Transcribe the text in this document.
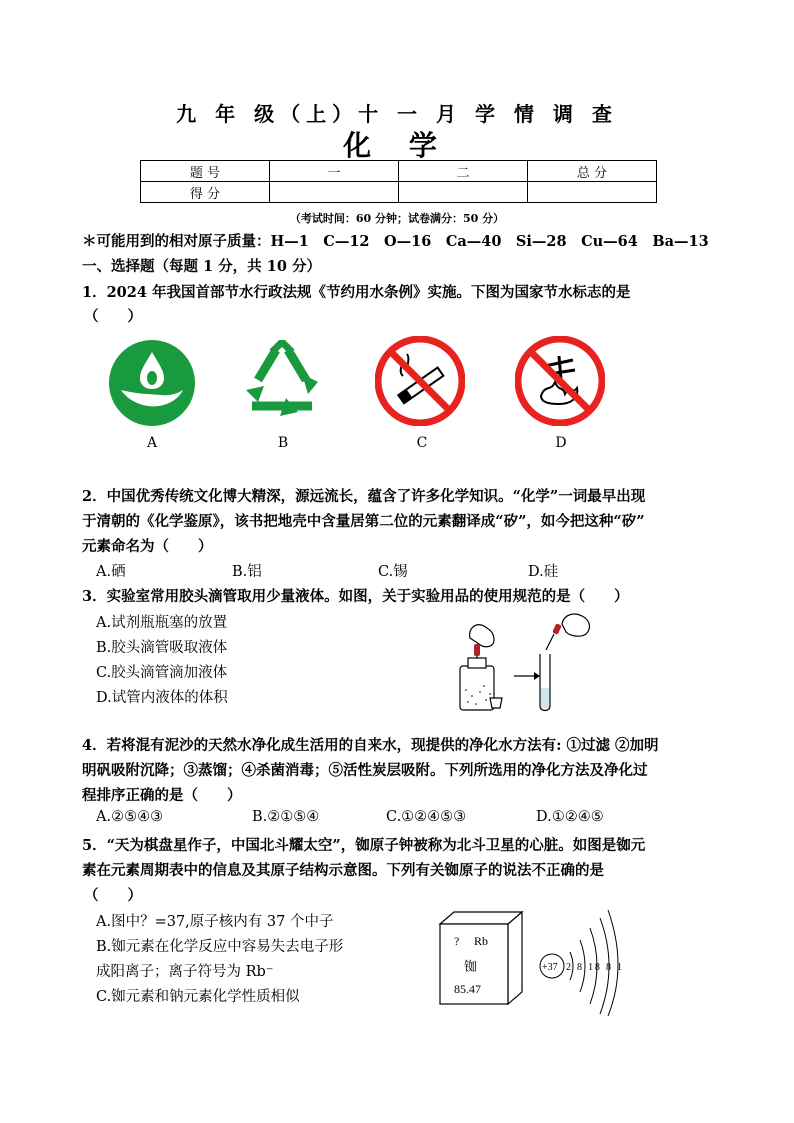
九 年 级（上）十 一 月 学 情 调 查
化 学
题 号	一	二	总 分
得 分			
（考试时间：60 分钟；试卷满分：50 分）
＊可能用到的相对原子质量：H—1　C—12　O—16　Ca—40　Si—28　Cu—64　Ba—13
一、选择题（每题 1 分，共 10 分）
1．2024 年我国首部节水行政法规《节约用水条例》实施。下图为国家节水标志的是
（　　）
A	B	C	D
2．中国优秀传统文化博大精深，源远流长，蕴含了许多化学知识。“化学”一词最早出现
于清朝的《化学鉴原》，该书把地壳中含量居第二位的元素翻译成“矽”，如今把这种“矽”
元素命名为（　　）
A.硒	B.铝	C.锡	D.硅
3．实验室常用胶头滴管取用少量液体。如图，关于实验用品的使用规范的是（　　）
A.试剂瓶瓶塞的放置
B.胶头滴管吸取液体
C.胶头滴管滴加液体
D.试管内液体的体积
4．若将混有泥沙的天然水净化成生活用的自来水，现提供的净化水方法有: ①过滤 ②加明
明矾吸附沉降；③蒸馏；④杀菌消毒；⑤活性炭层吸附。下列所选用的净化方法及净化过
程排序正确的是（　　）
A.②⑤④③	B.②①⑤④	C.①②④⑤③	D.①②④⑤
5．“天为棋盘星作子，中国北斗耀太空”，铷原子钟被称为北斗卫星的心脏。如图是铷元
素在元素周期表中的信息及其原子结构示意图。下列有关铷原子的说法不正确的是
（　　）
A.图中？=37,原子核内有 37 个中子
B.铷元素在化学反应中容易失去电子形
成阳离子；离子符号为 Rb⁻
C.铷元素和钠元素化学性质相似
? Rb
铷
85.47
+37 2 8 18 8 1
